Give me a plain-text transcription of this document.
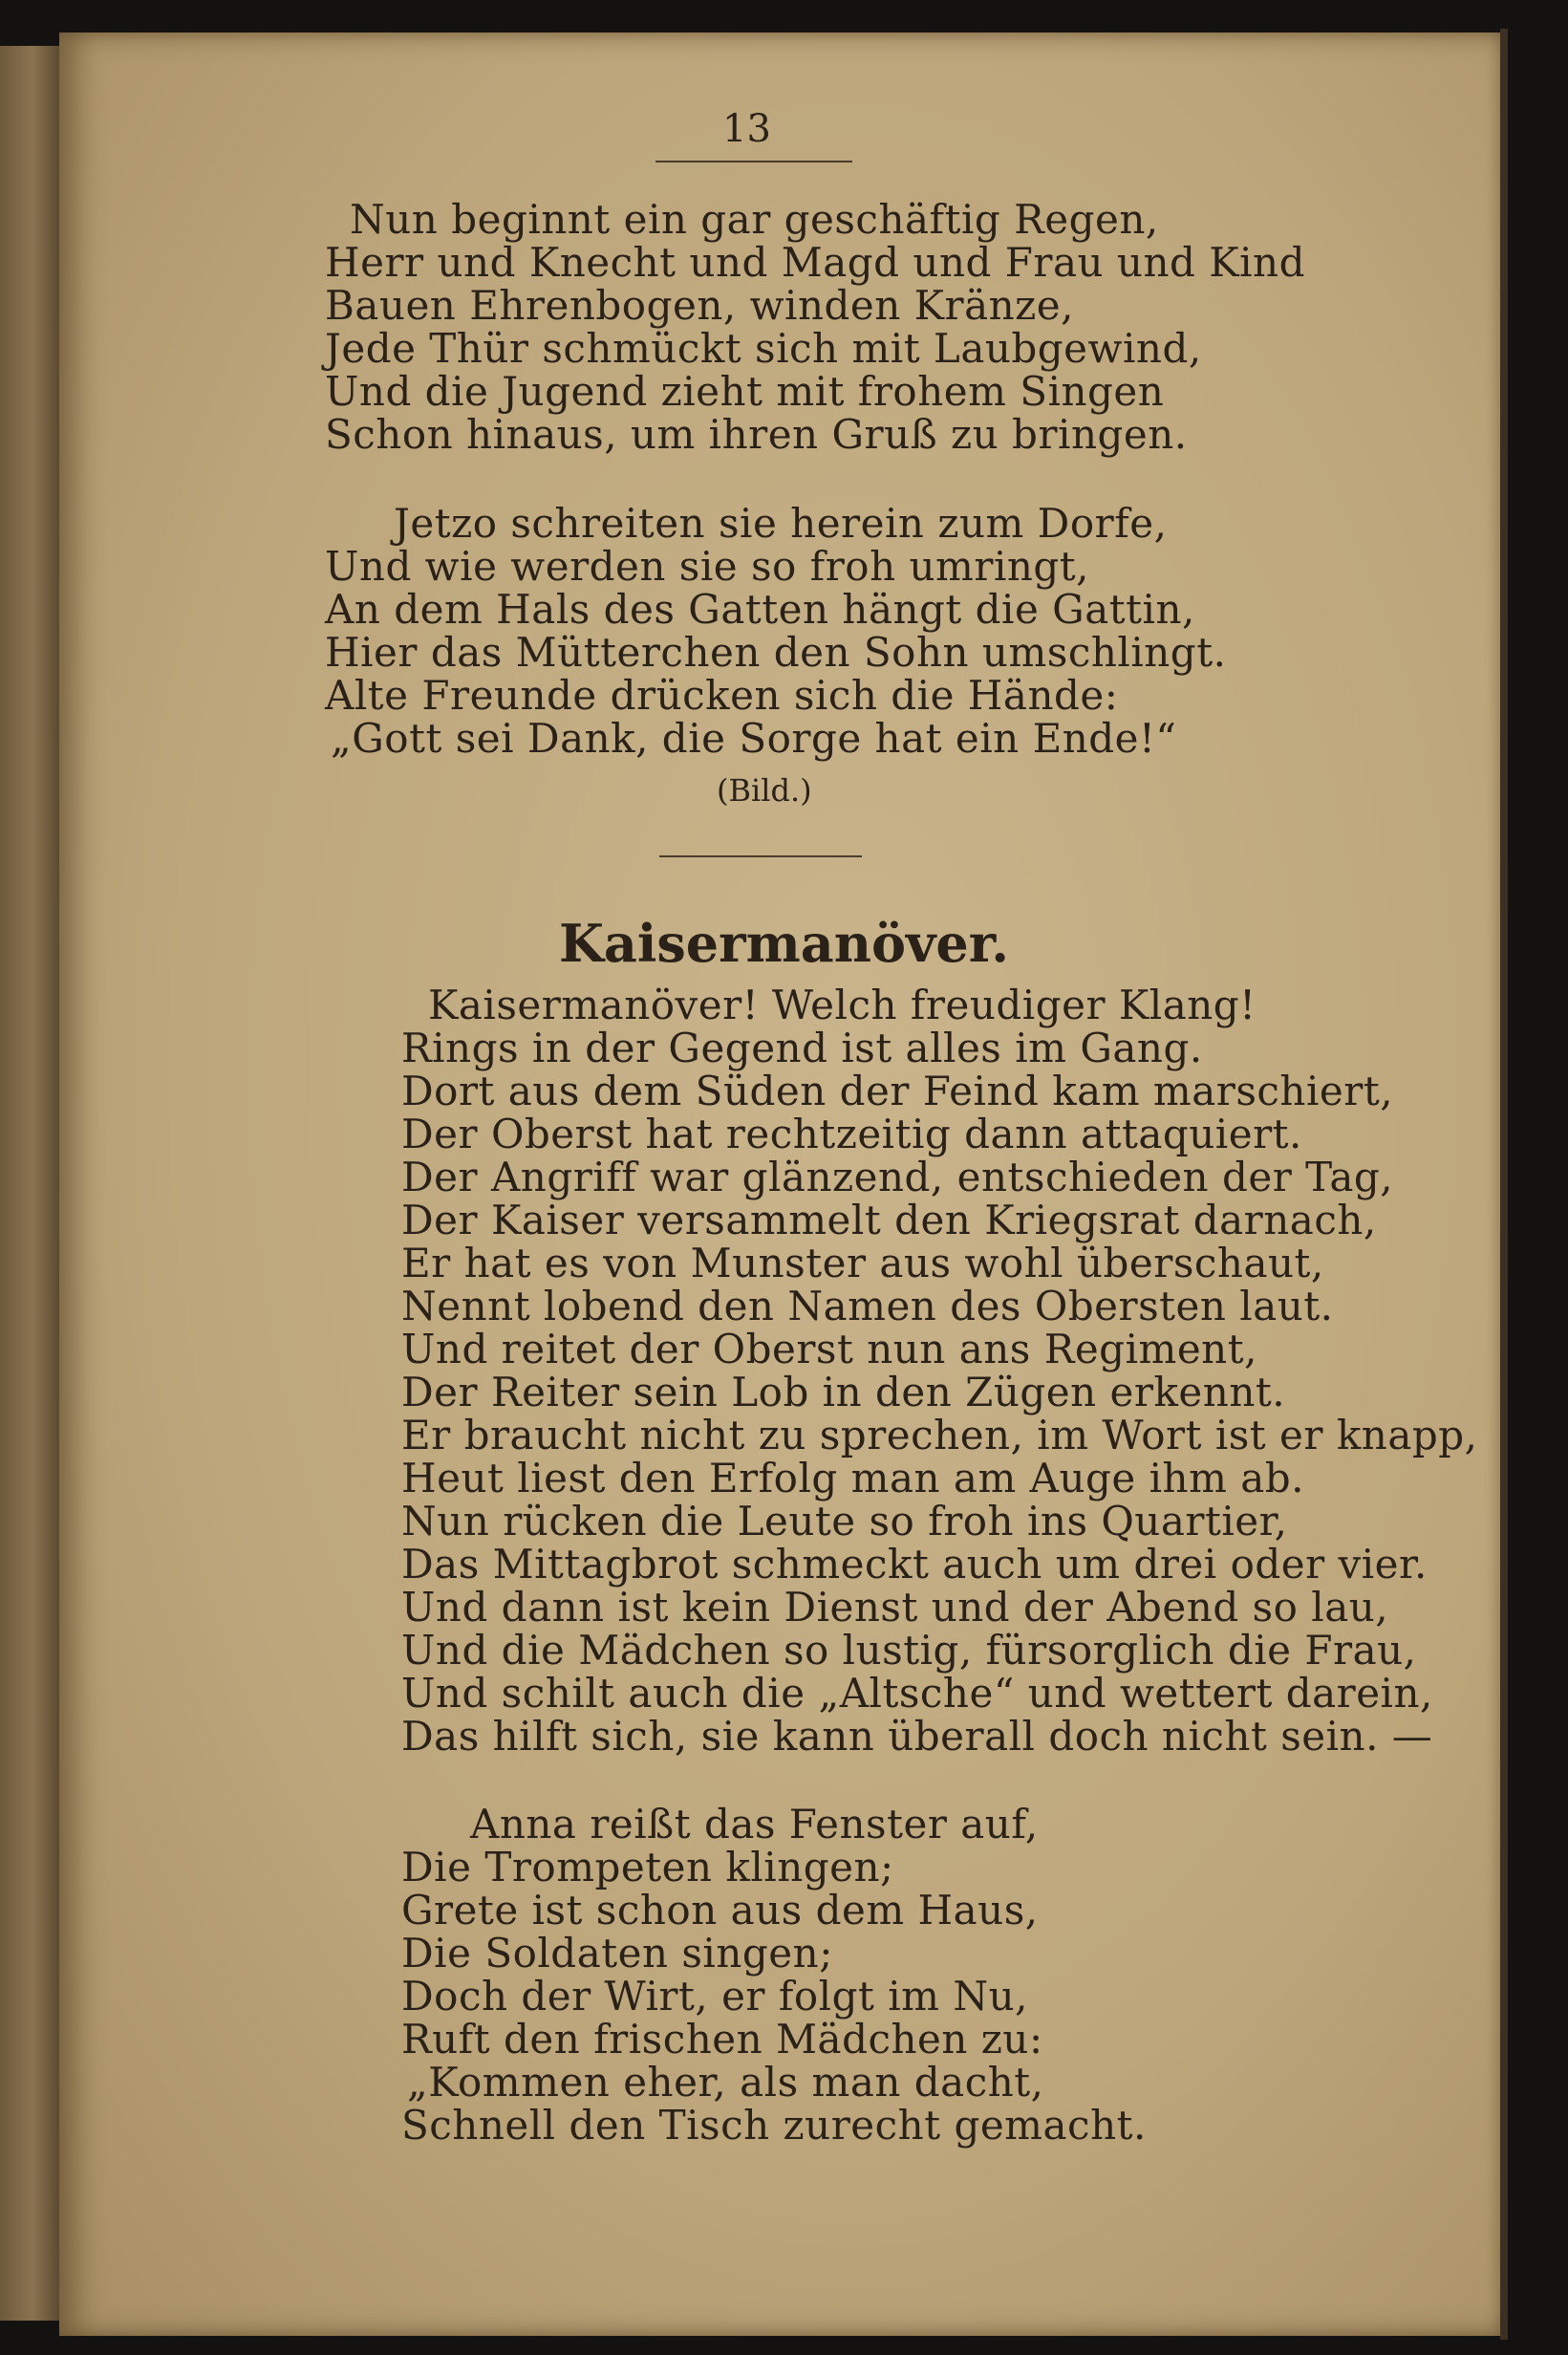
13
Nun beginnt ein gar geschäftig Regen,
Herr und Knecht und Magd und Frau und Kind
Bauen Ehrenbogen, winden Kränze,
Jede Thür schmückt sich mit Laubgewind,
Und die Jugend zieht mit frohem Singen
Schon hinaus, um ihren Gruß zu bringen.
Jetzo schreiten sie herein zum Dorfe,
Und wie werden sie so froh umringt,
An dem Hals des Gatten hängt die Gattin,
Hier das Mütterchen den Sohn umschlingt.
Alte Freunde drücken sich die Hände:
„Gott sei Dank, die Sorge hat ein Ende!“
(Bild.)
Kaisermanöver.
Kaisermanöver! Welch freudiger Klang!
Rings in der Gegend ist alles im Gang.
Dort aus dem Süden der Feind kam marschiert,
Der Oberst hat rechtzeitig dann attaquiert.
Der Angriff war glänzend, entschieden der Tag,
Der Kaiser versammelt den Kriegsrat darnach,
Er hat es von Munster aus wohl überschaut,
Nennt lobend den Namen des Obersten laut.
Und reitet der Oberst nun ans Regiment,
Der Reiter sein Lob in den Zügen erkennt.
Er braucht nicht zu sprechen, im Wort ist er knapp,
Heut liest den Erfolg man am Auge ihm ab.
Nun rücken die Leute so froh ins Quartier,
Das Mittagbrot schmeckt auch um drei oder vier.
Und dann ist kein Dienst und der Abend so lau,
Und die Mädchen so lustig, fürsorglich die Frau,
Und schilt auch die „Altsche“ und wettert darein,
Das hilft sich, sie kann überall doch nicht sein. —
Anna reißt das Fenster auf,
Die Trompeten klingen;
Grete ist schon aus dem Haus,
Die Soldaten singen;
Doch der Wirt, er folgt im Nu,
Ruft den frischen Mädchen zu:
„Kommen eher, als man dacht,
Schnell den Tisch zurecht gemacht.
